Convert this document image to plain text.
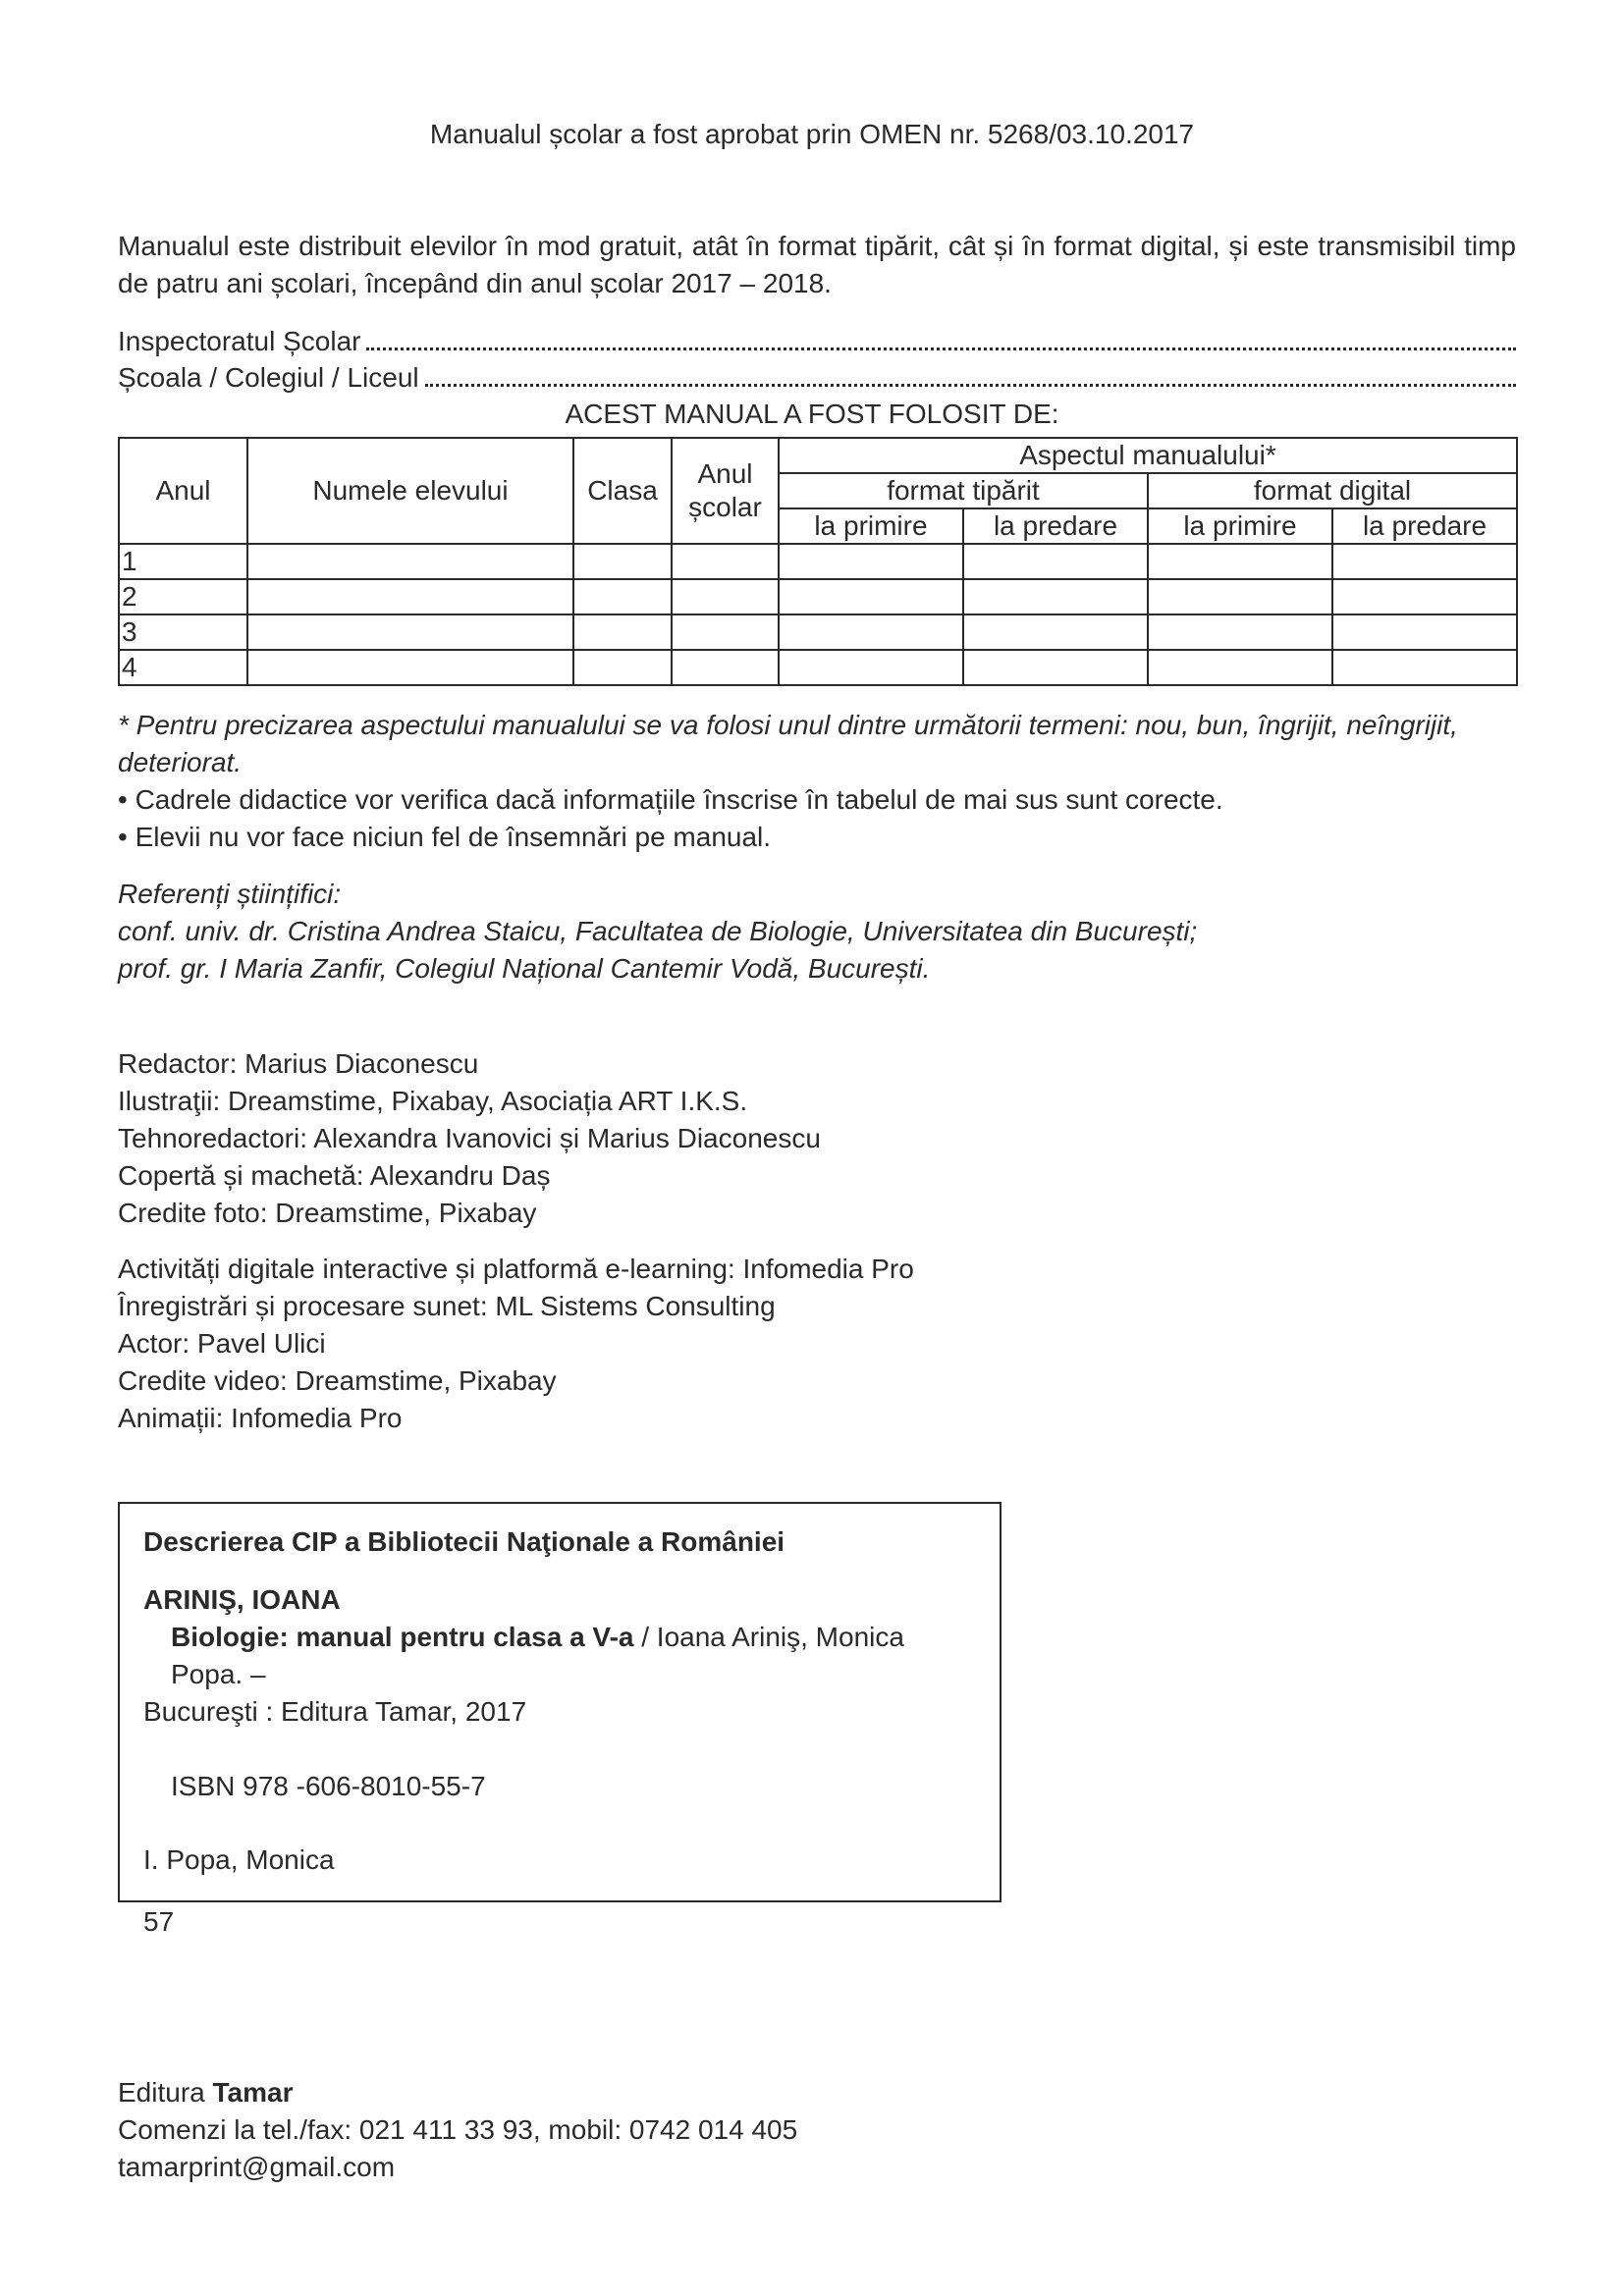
Manualul școlar a fost aprobat prin OMEN nr. 5268/03.10.2017
Manualul este distribuit elevilor în mod gratuit, atât în format tipărit, cât și în format digital, și este transmisibil timp de patru ani școlari, începând din anul școlar 2017 – 2018.
Inspectoratul Școlar
Școala / Colegiul / Liceul
ACEST MANUAL A FOST FOLOSIT DE:
Anul	Numele elevului	Clasa	Anul școlar	Aspectul manualului*			
				format tipărit		format digital	
				la primire	la predare	la primire	la predare
1							
2							
3							
4							

* Pentru precizarea aspectului manualului se va folosi unul dintre următorii termeni: nou, bun, îngrijit, neîngrijit, deteriorat.

• Cadrele didactice vor verifica dacă informațiile înscrise în tabelul de mai sus sunt corecte.

• Elevii nu vor face niciun fel de însemnări pe manual.

Referenți științifici:

conf. univ. dr. Cristina Andrea Staicu, Facultatea de Biologie, Universitatea din București;

prof. gr. I Maria Zanfir, Colegiul Național Cantemir Vodă, București.

Redactor: Marius Diaconescu

Ilustraţii: Dreamstime, Pixabay, Asociația ART I.K.S.

Tehnoredactori: Alexandra Ivanovici și Marius Diaconescu

Copertă și machetă: Alexandru Daș

Credite foto: Dreamstime, Pixabay

Activități digitale interactive și platformă e-learning: Infomedia Pro

Înregistrări și procesare sunet: ML Sistems Consulting

Actor: Pavel Ulici

Credite video: Dreamstime, Pixabay

Animații: Infomedia Pro

Descrierea CIP a Bibliotecii Naţionale a României

ARINIŞ, IOANA

Biologie: manual pentru clasa a V-a / Ioana Ariniş, Monica Popa. –

Bucureşti : Editura Tamar, 2017

ISBN 978 -606-8010-55-7

I. Popa, Monica

57

Editura Tamar

Comenzi la tel./fax: 021 411 33 93, mobil: 0742 014 405

tamarprint@gmail.com
